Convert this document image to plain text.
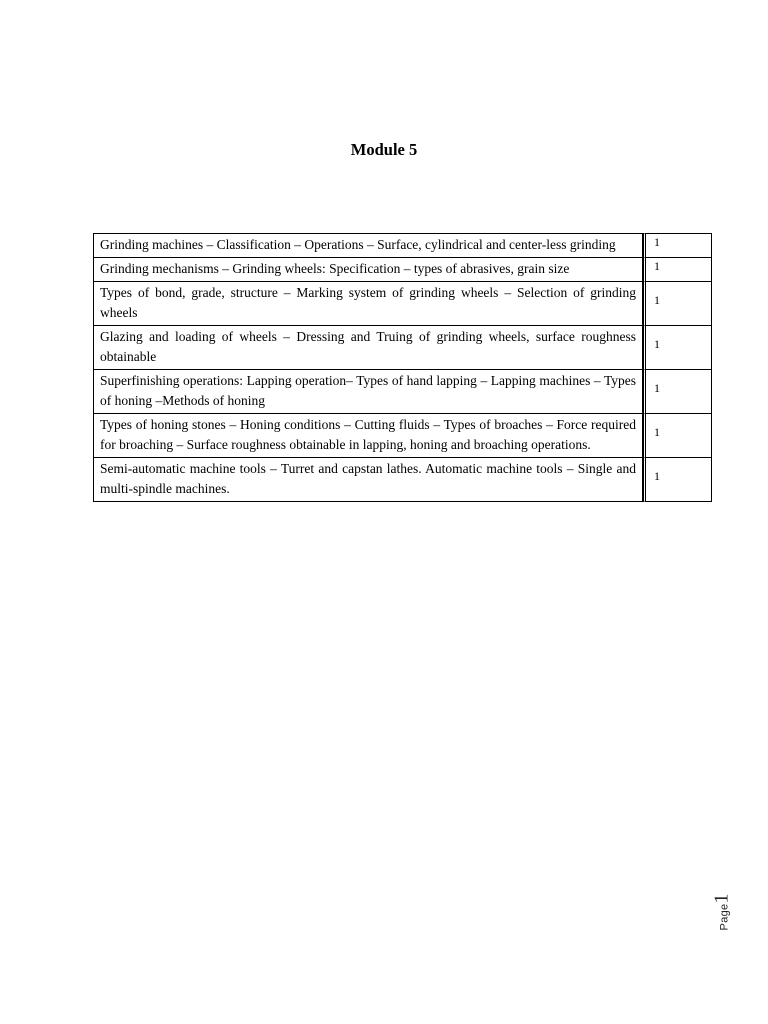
Module 5
Grinding machines – Classification – Operations – Surface, cylindrical and center-less grinding	1
Grinding mechanisms – Grinding wheels: Specification – types of abrasives, grain size	1
Types of bond, grade, structure – Marking system of grinding wheels – Selection of grinding wheels	1
Glazing and loading of wheels – Dressing and Truing of grinding wheels, surface roughness obtainable	1
Superfinishing operations: Lapping operation– Types of hand lapping – Lapping machines – Types of honing –Methods of honing	1
Types of honing stones – Honing conditions – Cutting fluids – Types of broaches – Force required for broaching – Surface roughness obtainable in lapping, honing and broaching operations.	1
Semi-automatic machine tools – Turret and capstan lathes. Automatic machine tools – Single and multi-spindle machines.	1
Page1
